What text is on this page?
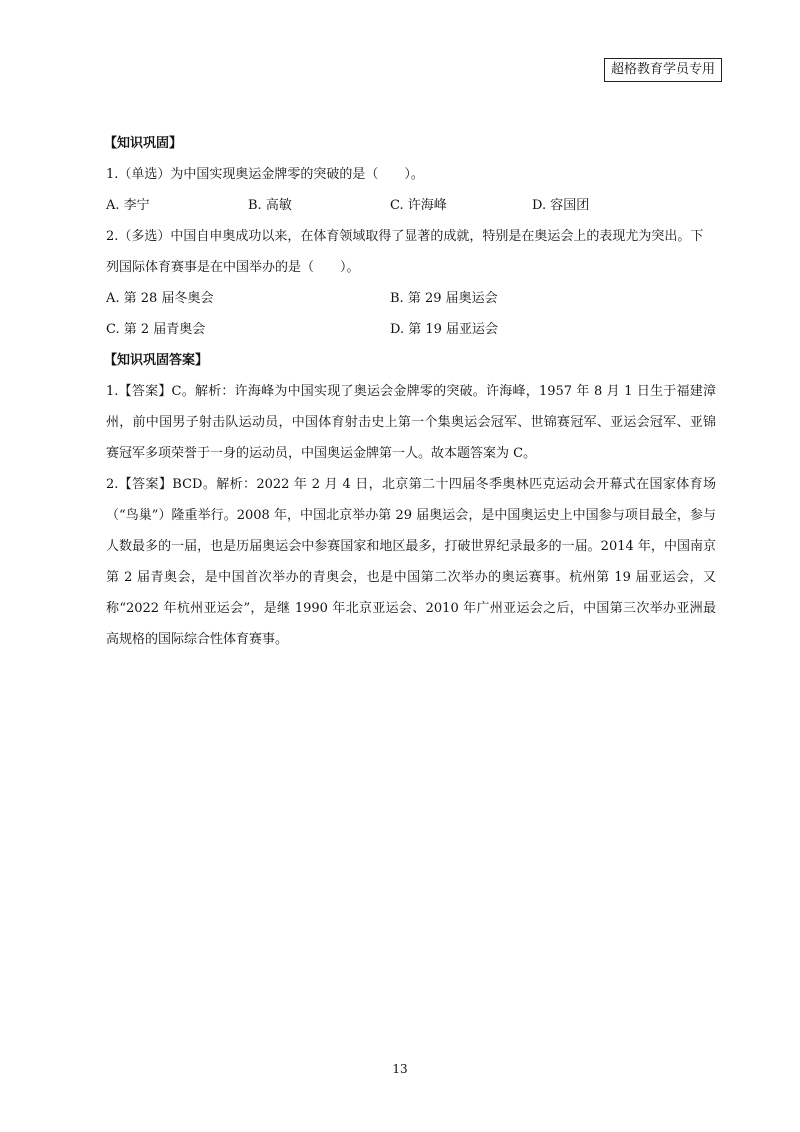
超格教育学员专用
【知识巩固】
1.（单选）为中国实现奥运金牌零的突破的是（　　）。
A. 李宁	B. 高敏	C. 许海峰	D. 容国团
2.（多选）中国自申奥成功以来，在体育领域取得了显著的成就，特别是在奥运会上的表现尤为突出。下列国际体育赛事是在中国举办的是（　　）。
A. 第 28 届冬奥会	B. 第 29 届奥运会
C. 第 2 届青奥会	D. 第 19 届亚运会
【知识巩固答案】
1.【答案】C。解析：许海峰为中国实现了奥运会金牌零的突破。许海峰，1957 年 8 月 1 日生于福建漳州，前中国男子射击队运动员，中国体育射击史上第一个集奥运会冠军、世锦赛冠军、亚运会冠军、亚锦赛冠军多项荣誉于一身的运动员，中国奥运金牌第一人。故本题答案为 C。
2.【答案】BCD。解析：2022 年 2 月 4 日，北京第二十四届冬季奥林匹克运动会开幕式在国家体育场（“鸟巢”）隆重举行。2008 年，中国北京举办第 29 届奥运会，是中国奥运史上中国参与项目最全，参与人数最多的一届，也是历届奥运会中参赛国家和地区最多，打破世界纪录最多的一届。2014 年，中国南京第 2 届青奥会，是中国首次举办的青奥会，也是中国第二次举办的奥运赛事。杭州第 19 届亚运会，又称“2022 年杭州亚运会”，是继 1990 年北京亚运会、2010 年广州亚运会之后，中国第三次举办亚洲最高规格的国际综合性体育赛事。
13
